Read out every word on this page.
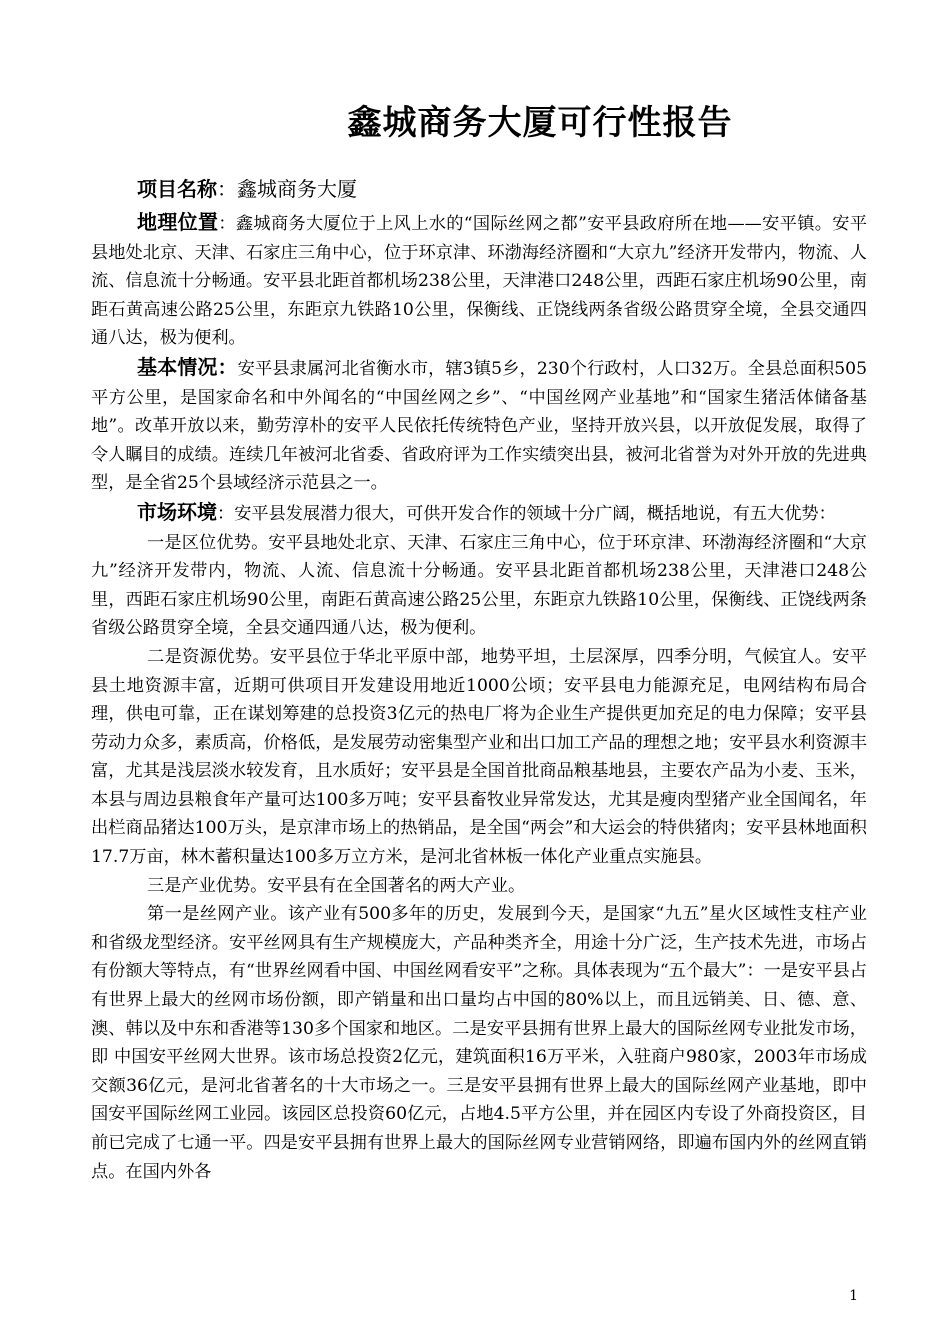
鑫城商务大厦可行性报告

项目名称：鑫城商务大厦

地理位置：鑫城商务大厦位于上风上水的“国际丝网之都”安平县政府所在地——安平镇。安平县地处北京、天津、石家庄三角中心，位于环京津、环渤海经济圈和“大京九”经济开发带内，物流、人流、信息流十分畅通。安平县北距首都机场238公里，天津港口248公里，西距石家庄机场90公里，南距石黄高速公路25公里，东距京九铁路10公里，保衡线、正饶线两条省级公路贯穿全境，全县交通四通八达，极为便利。

基本情况：安平县隶属河北省衡水市，辖3镇5乡，230个行政村，人口32万。全县总面积505平方公里，是国家命名和中外闻名的“中国丝网之乡”、“中国丝网产业基地”和“国家生猪活体储备基地”。改革开放以来，勤劳淳朴的安平人民依托传统特色产业，坚持开放兴县，以开放促发展，取得了令人瞩目的成绩。连续几年被河北省委、省政府评为工作实绩突出县，被河北省誉为对外开放的先进典型，是全省25个县域经济示范县之一。

市场环境：安平县发展潜力很大，可供开发合作的领域十分广阔，概括地说，有五大优势：

一是区位优势。安平县地处北京、天津、石家庄三角中心，位于环京津、环渤海经济圈和“大京九”经济开发带内，物流、人流、信息流十分畅通。安平县北距首都机场238公里，天津港口248公里，西距石家庄机场90公里，南距石黄高速公路25公里，东距京九铁路10公里，保衡线、正饶线两条省级公路贯穿全境，全县交通四通八达，极为便利。

二是资源优势。安平县位于华北平原中部，地势平坦，土层深厚，四季分明，气候宜人。安平县土地资源丰富，近期可供项目开发建设用地近1000公顷；安平县电力能源充足，电网结构布局合理，供电可靠，正在谋划筹建的总投资3亿元的热电厂将为企业生产提供更加充足的电力保障；安平县劳动力众多，素质高，价格低，是发展劳动密集型产业和出口加工产品的理想之地；安平县水利资源丰富，尤其是浅层淡水较发育，且水质好；安平县是全国首批商品粮基地县，主要农产品为小麦、玉米，本县与周边县粮食年产量可达100多万吨；安平县畜牧业异常发达，尤其是瘦肉型猪产业全国闻名，年出栏商品猪达100万头，是京津市场上的热销品，是全国“两会”和大运会的特供猪肉；安平县林地面积17.7万亩，林木蓄积量达100多万立方米，是河北省林板一体化产业重点实施县。

三是产业优势。安平县有在全国著名的两大产业。

第一是丝网产业。该产业有500多年的历史，发展到今天，是国家“九五”星火区域性支柱产业和省级龙型经济。安平丝网具有生产规模庞大，产品种类齐全，用途十分广泛，生产技术先进，市场占有份额大等特点，有“世界丝网看中国、中国丝网看安平”之称。具体表现为“五个最大”：一是安平县占有世界上最大的丝网市场份额，即产销量和出口量均占中国的80%以上，而且远销美、日、德、意、澳、韩以及中东和香港等130多个国家和地区。二是安平县拥有世界上最大的国际丝网专业批发市场，即 中国安平丝网大世界。该市场总投资2亿元，建筑面积16万平米，入驻商户980家，2003年市场成交额36亿元，是河北省著名的十大市场之一。三是安平县拥有世界上最大的国际丝网产业基地，即中国安平国际丝网工业园。该园区总投资60亿元，占地4.5平方公里，并在园区内专设了外商投资区，目前已完成了七通一平。四是安平县拥有世界上最大的国际丝网专业营销网络，即遍布国内外的丝网直销点。在国内外各

1
